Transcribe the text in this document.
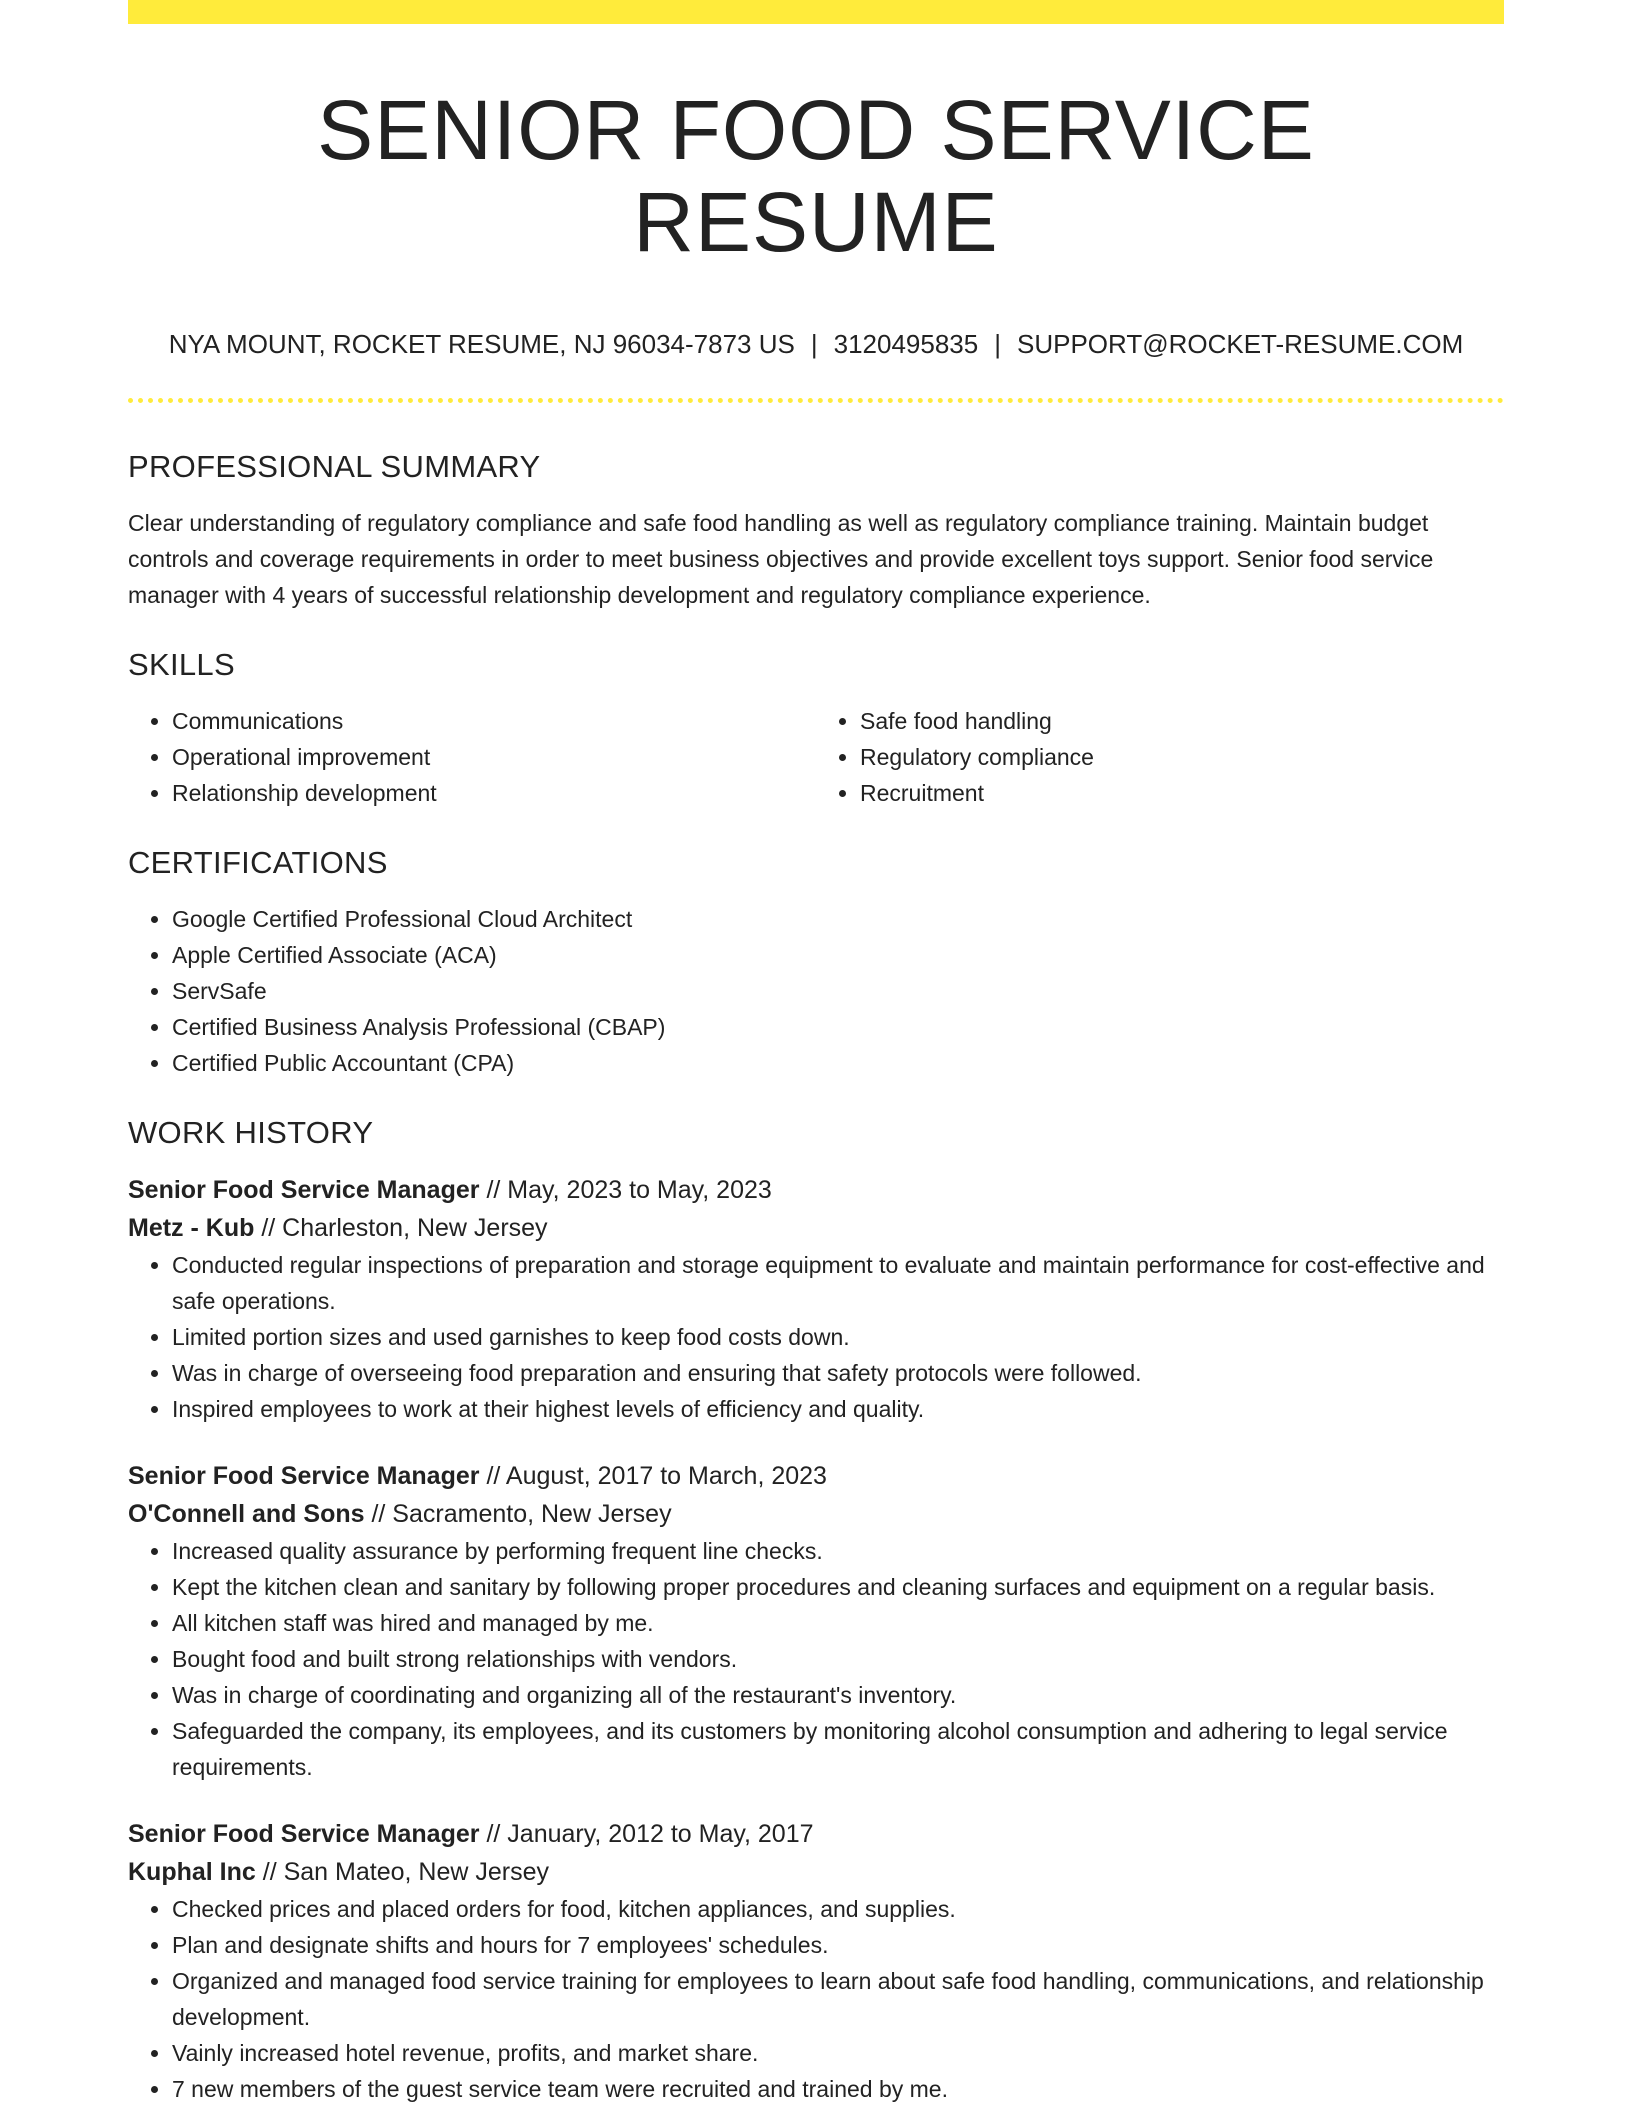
SENIOR FOOD SERVICE RESUME
NYA MOUNT, ROCKET RESUME, NJ 96034-7873 US | 3120495835 | SUPPORT@ROCKET-RESUME.COM
PROFESSIONAL SUMMARY

Clear understanding of regulatory compliance and safe food handling as well as regulatory compliance training. Maintain budget controls and coverage requirements in order to meet business objectives and provide excellent toys support. Senior food service manager with 4 years of successful relationship development and regulatory compliance experience.

SKILLS
• Communications
• Operational improvement
• Relationship development
• Safe food handling
• Regulatory compliance
• Recruitment
CERTIFICATIONS
• Google Certified Professional Cloud Architect
• Apple Certified Associate (ACA)
• ServSafe
• Certified Business Analysis Professional (CBAP)
• Certified Public Accountant (CPA)
WORK HISTORY
Senior Food Service Manager // May, 2023 to May, 2023
Metz - Kub // Charleston, New Jersey
• Conducted regular inspections of preparation and storage equipment to evaluate and maintain performance for cost-effective and safe operations.
• Limited portion sizes and used garnishes to keep food costs down.
• Was in charge of overseeing food preparation and ensuring that safety protocols were followed.
• Inspired employees to work at their highest levels of efficiency and quality.
Senior Food Service Manager // August, 2017 to March, 2023
O'Connell and Sons // Sacramento, New Jersey
• Increased quality assurance by performing frequent line checks.
• Kept the kitchen clean and sanitary by following proper procedures and cleaning surfaces and equipment on a regular basis.
• All kitchen staff was hired and managed by me.
• Bought food and built strong relationships with vendors.
• Was in charge of coordinating and organizing all of the restaurant's inventory.
• Safeguarded the company, its employees, and its customers by monitoring alcohol consumption and adhering to legal service requirements.
Senior Food Service Manager // January, 2012 to May, 2017
Kuphal Inc // San Mateo, New Jersey
• Checked prices and placed orders for food, kitchen appliances, and supplies.
• Plan and designate shifts and hours for 7 employees' schedules.
• Organized and managed food service training for employees to learn about safe food handling, communications, and relationship development.
• Vainly increased hotel revenue, profits, and market share.
• 7 new members of the guest service team were recruited and trained by me.
